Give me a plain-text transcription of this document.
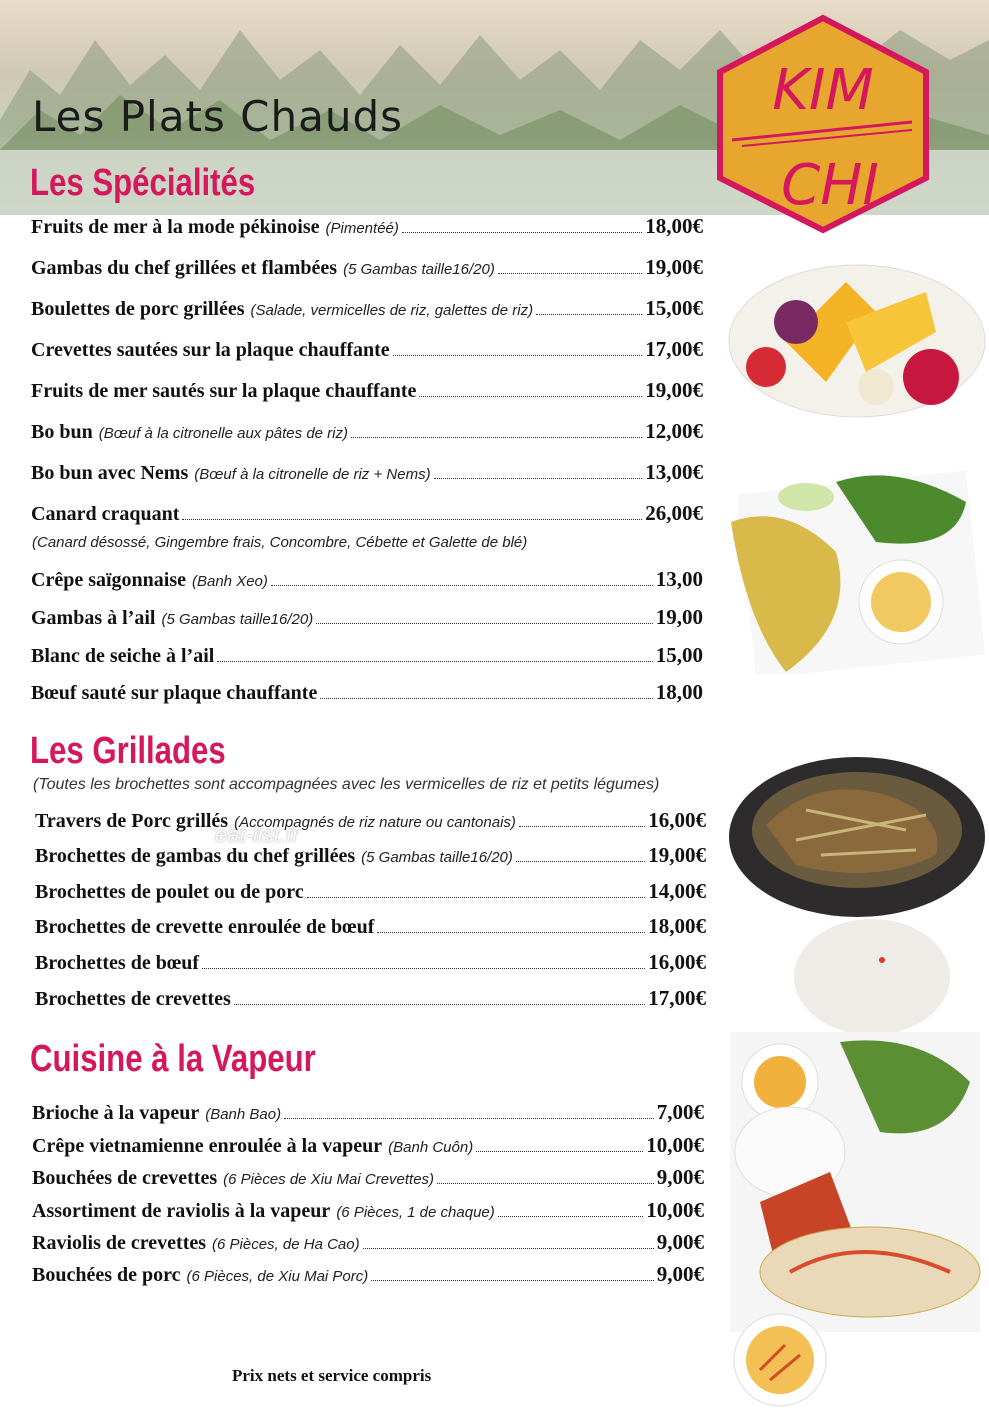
Les Plats Chauds	KIM
CHI
Les Spécialités
Les Grillades
(Toutes les brochettes sont accompagnées avec les vermicelles de riz et petits légumes)
Cuisine à la Vapeur
Fruits de mer à la mode pékinoise (Pimentéé)	18,00€
Gambas du chef grillées et flambées (5 Gambas taille16/20)	19,00€
Boulettes de porc grillées (Salade, vermicelles de riz, galettes de riz)	15,00€
Crevettes sautées sur la plaque chauffante	17,00€
Fruits de mer sautés sur la plaque chauffante	19,00€
Bo bun (Bœuf à la citronelle aux pâtes de riz)	12,00€
Bo bun avec Nems (Bœuf à la citronelle de riz + Nems)	13,00€
Canard craquant	26,00€
Crêpe saïgonnaise (Banh Xeo)	13,00
Gambas à l’ail (5 Gambas taille16/20)	19,00
Blanc de seiche à l’ail	15,00
Bœuf sauté sur plaque chauffante	18,00
(Canard désossé, Gingembre frais, Concombre, Cébette et Galette de blé)
Travers de Porc grillés (Accompagnés de riz nature ou cantonais)	16,00€
Brochettes de gambas du chef grillées (5 Gambas taille16/20)	19,00€
Brochettes de poulet ou de porc	14,00€
Brochettes de crevette enroulée de bœuf	18,00€
Brochettes de bœuf	16,00€
Brochettes de crevettes	17,00€
Brioche à la vapeur (Banh Bao)	7,00€
Crêpe vietnamienne enroulée à la vapeur (Banh Cuôn)	10,00€
Bouchées de crevettes (6 Pièces de Xiu Mai Crevettes)	9,00€
Assortiment de raviolis à la vapeur (6 Pièces, 1 de chaque)	10,00€
Raviolis de crevettes (6 Pièces, de Ha Cao)	9,00€
Bouchées de porc (6 Pièces, de Xiu Mai Porc)	9,00€
eat-list.fr
Prix nets et service compris
